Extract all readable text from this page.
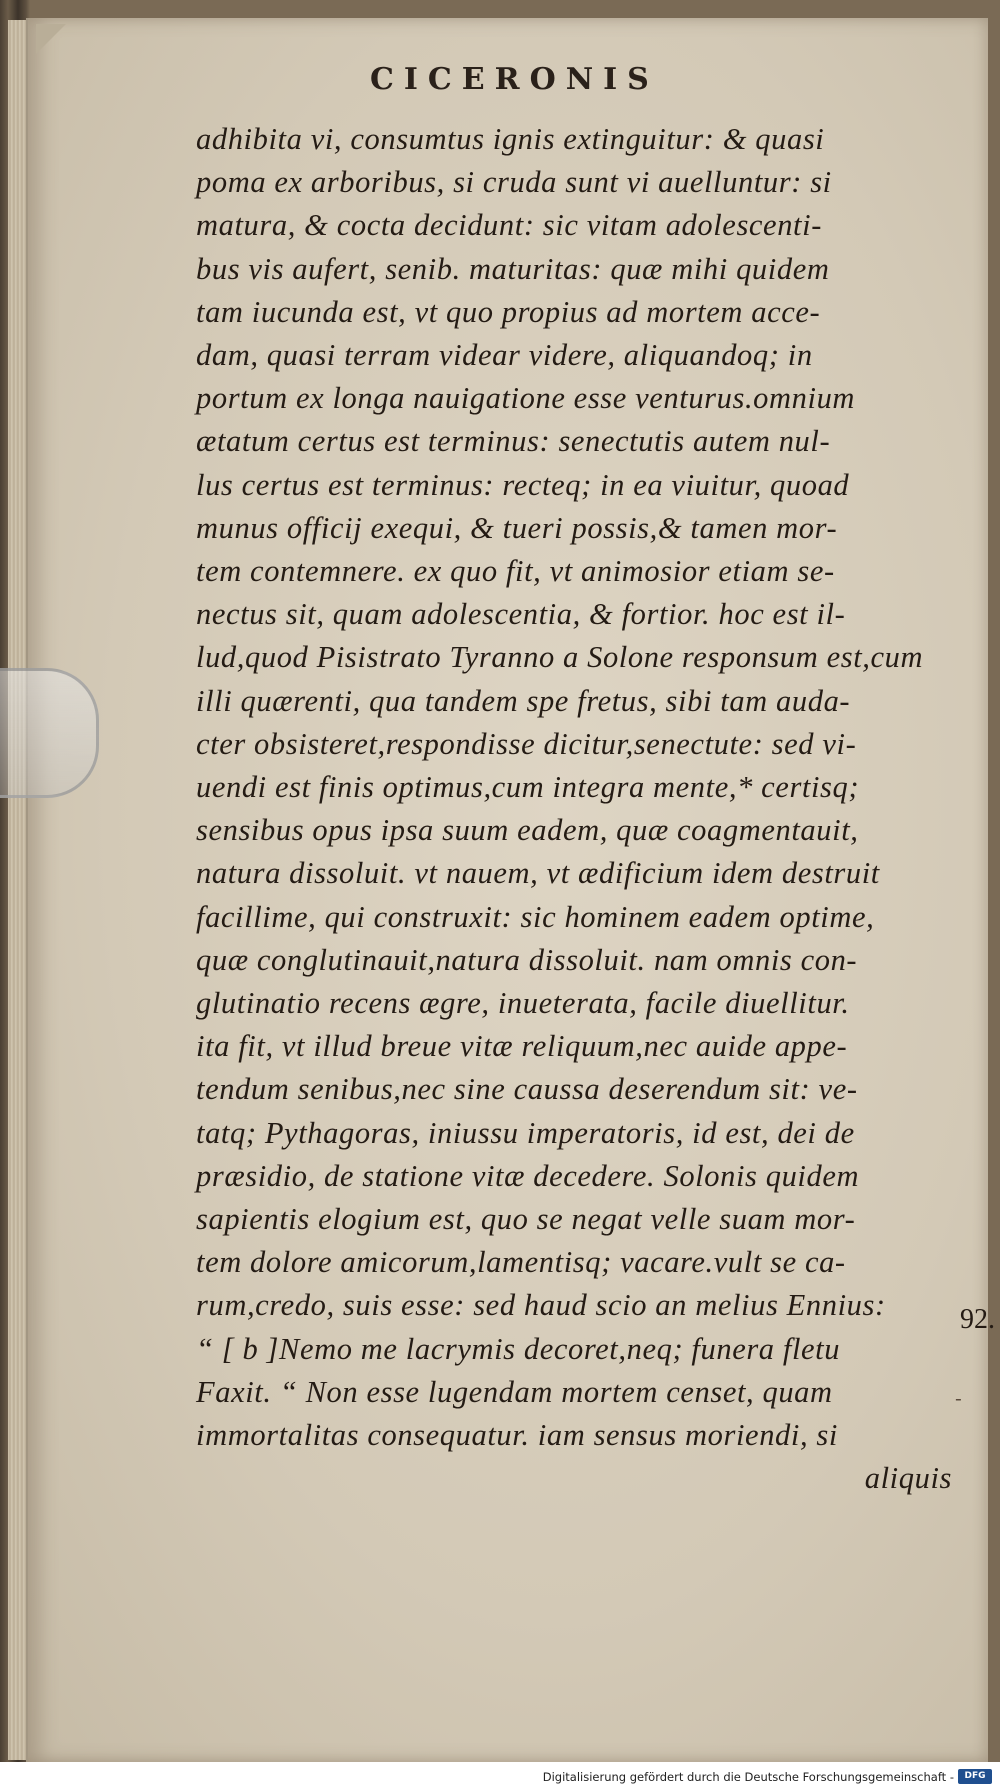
CICERONIS
adhibita vi, consumtus ignis extinguitur: & quasi
poma ex arboribus, si cruda sunt vi auelluntur: si
matura, & cocta decidunt: sic vitam adolescenti-
bus vis aufert, senib. maturitas: quæ mihi quidem
tam iucunda est, vt quo propius ad mortem acce-
dam, quasi terram videar videre, aliquandoq; in
portum ex longa nauigatione esse venturus.omnium
ætatum certus est terminus: senectutis autem nul-
lus certus est terminus: recteq; in ea viuitur, quoad
munus officij exequi, & tueri possis,& tamen mor-
tem contemnere. ex quo fit, vt animosior etiam se-
nectus sit, quam adolescentia, & fortior. hoc est il-
lud,quod Pisistrato Tyranno a Solone responsum est,cum
illi quærenti, qua tandem spe fretus, sibi tam auda-
cter obsisteret,respondisse dicitur,senectute: sed vi-
uendi est finis optimus,cum integra mente,* certisq;
sensibus opus ipsa suum eadem, quæ coagmentauit,
natura dissoluit. vt nauem, vt ædificium idem destruit
facillime, qui construxit: sic hominem eadem optime,
quæ conglutinauit,natura dissoluit. nam omnis con-
glutinatio recens ægre, inueterata, facile diuellitur.
ita fit, vt illud breue vitæ reliquum,nec auide appe-
tendum senibus,nec sine caussa deserendum sit: ve-
tatq; Pythagoras, iniussu imperatoris, id est, dei de
præsidio, de statione vitæ decedere. Solonis quidem
sapientis elogium est, quo se negat velle suam mor-
tem dolore amicorum,lamentisq; vacare.vult se ca-
rum,credo, suis esse: sed haud scio an melius Ennius:
“ [ b ]Nemo me lacrymis decoret,neq; funera fletu
Faxit. “ Non esse lugendam mortem censet, quam
immortalitas consequatur. iam sensus moriendi, si
aliquis
92.
-
Digitalisierung gefördert durch die Deutsche Forschungsgemeinschaft -	DFG
